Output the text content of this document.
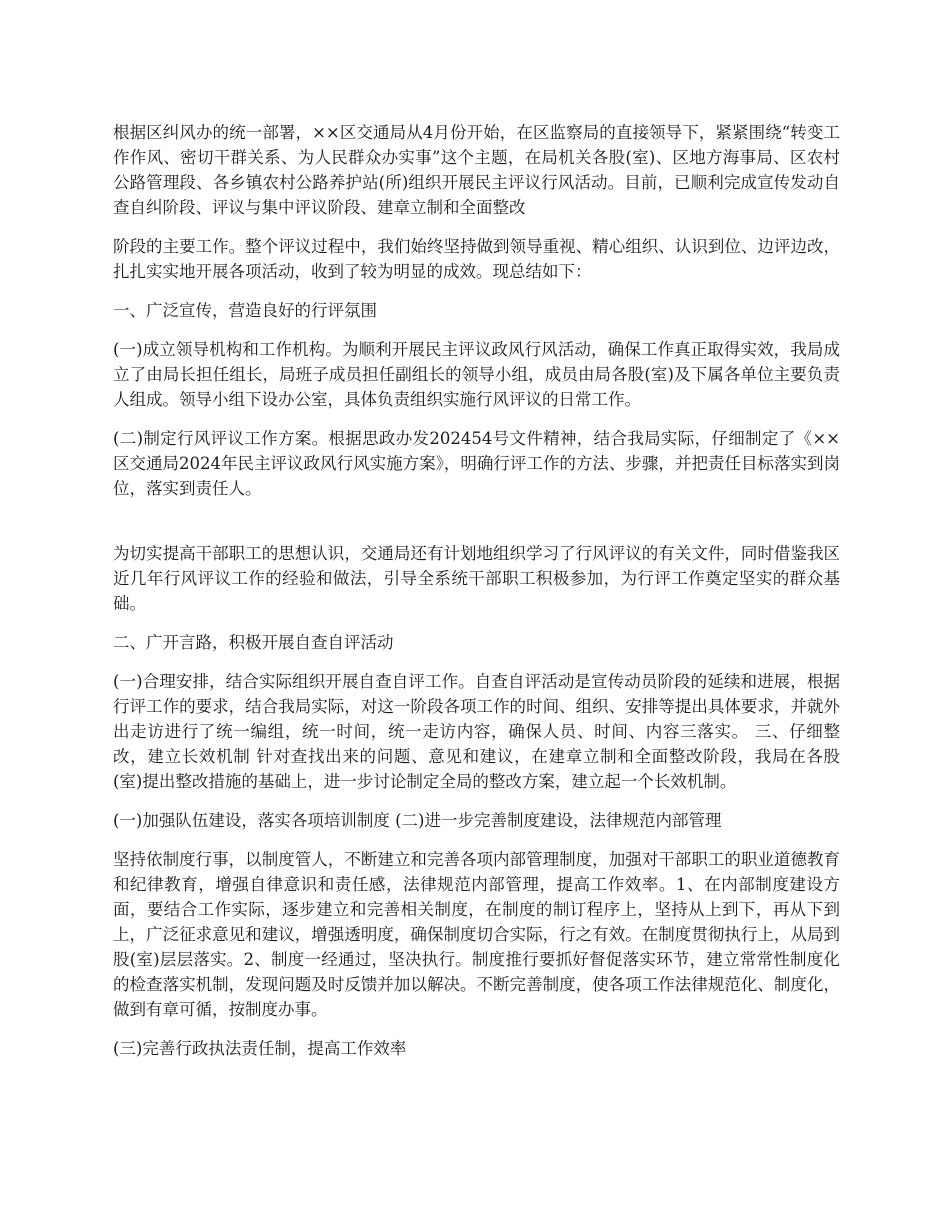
根据区纠风办的统一部署，××区交通局从4月份开始，在区监察局的直接领导下，紧紧围绕“转变工作作风、密切干群关系、为人民群众办实事”这个主题，在局机关各股(室)、区地方海事局、区农村公路管理段、各乡镇农村公路养护站(所)组织开展民主评议行风活动。目前，已顺利完成宣传发动自查自纠阶段、评议与集中评议阶段、建章立制和全面整改

阶段的主要工作。整个评议过程中，我们始终坚持做到领导重视、精心组织、认识到位、边评边改，扎扎实实地开展各项活动，收到了较为明显的成效。现总结如下：

一、广泛宣传，营造良好的行评氛围

(一)成立领导机构和工作机构。为顺利开展民主评议政风行风活动，确保工作真正取得实效，我局成立了由局长担任组长，局班子成员担任副组长的领导小组，成员由局各股(室)及下属各单位主要负责人组成。领导小组下设办公室，具体负责组织实施行风评议的日常工作。

(二)制定行风评议工作方案。根据思政办发202454号文件精神，结合我局实际，仔细制定了《××区交通局2024年民主评议政风行风实施方案》，明确行评工作的方法、步骤，并把责任目标落实到岗位，落实到责任人。

为切实提高干部职工的思想认识，交通局还有计划地组织学习了行风评议的有关文件，同时借鉴我区近几年行风评议工作的经验和做法，引导全系统干部职工积极参加，为行评工作奠定坚实的群众基础。

二、广开言路，积极开展自查自评活动

(一)合理安排，结合实际组织开展自查自评工作。自查自评活动是宣传动员阶段的延续和进展，根据行评工作的要求，结合我局实际，对这一阶段各项工作的时间、组织、安排等提出具体要求，并就外出走访进行了统一编组，统一时间，统一走访内容，确保人员、时间、内容三落实。 三、仔细整改，建立长效机制 针对查找出来的问题、意见和建议，在建章立制和全面整改阶段，我局在各股(室)提出整改措施的基础上，进一步讨论制定全局的整改方案，建立起一个长效机制。

(一)加强队伍建设，落实各项培训制度 (二)进一步完善制度建设，法律规范内部管理

坚持依制度行事，以制度管人，不断建立和完善各项内部管理制度，加强对干部职工的职业道德教育和纪律教育，增强自律意识和责任感，法律规范内部管理，提高工作效率。1、在内部制度建设方面，要结合工作实际，逐步建立和完善相关制度，在制度的制订程序上，坚持从上到下，再从下到上，广泛征求意见和建议，增强透明度，确保制度切合实际，行之有效。在制度贯彻执行上，从局到股(室)层层落实。2、制度一经通过，坚决执行。制度推行要抓好督促落实环节，建立常常性制度化的检查落实机制，发现问题及时反馈并加以解决。不断完善制度，使各项工作法律规范化、制度化，做到有章可循，按制度办事。

(三)完善行政执法责任制，提高工作效率
